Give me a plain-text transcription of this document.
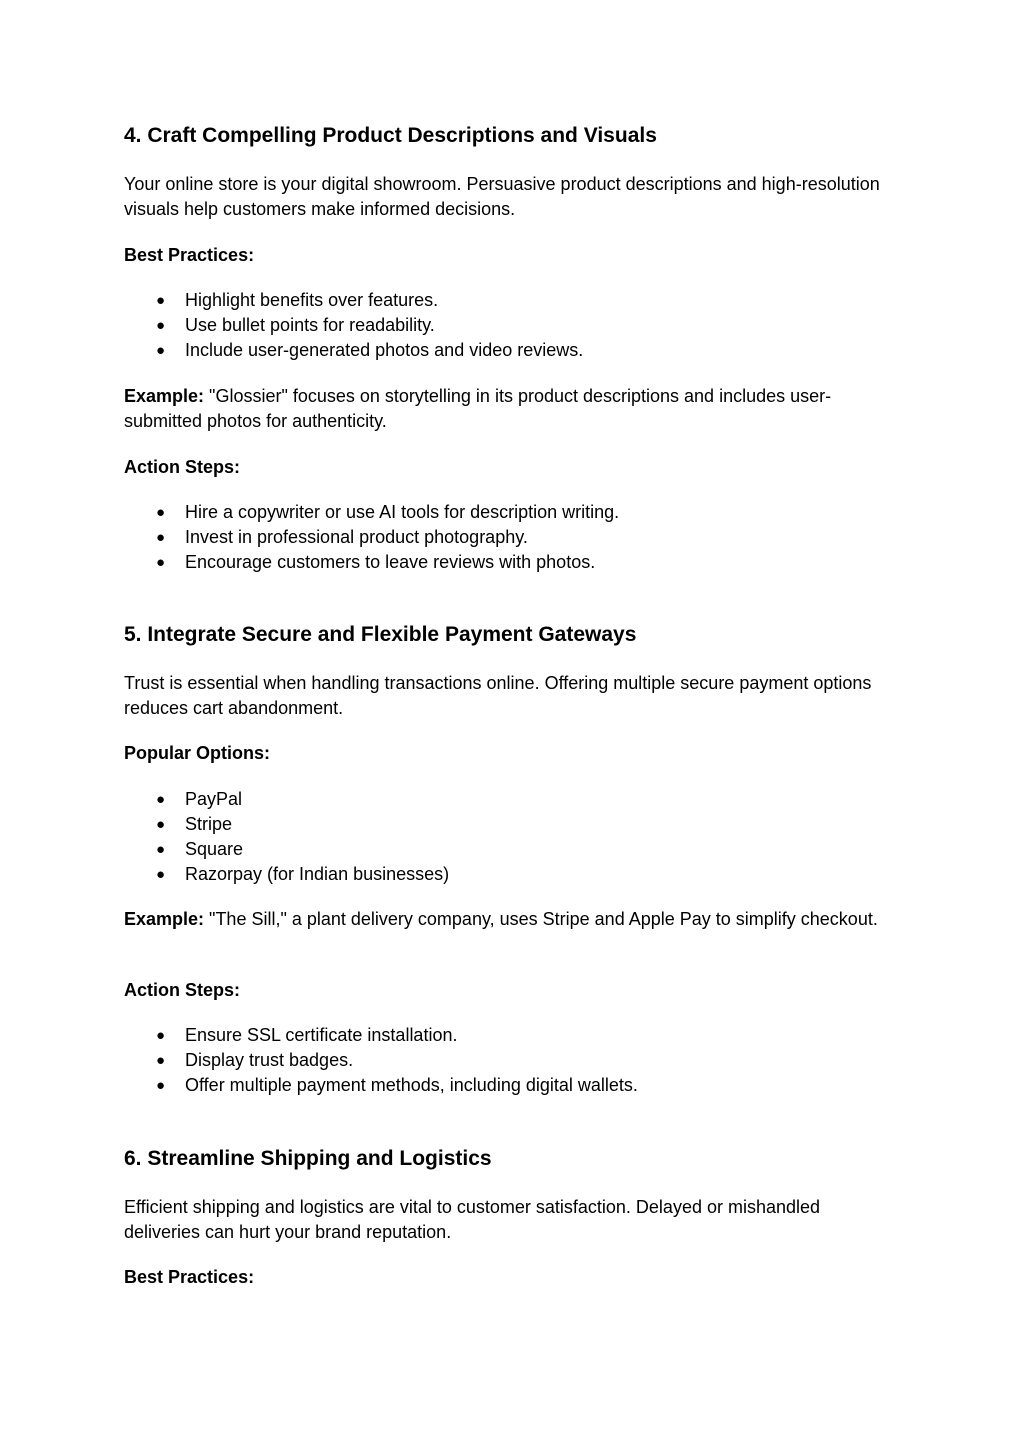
4. Craft Compelling Product Descriptions and Visuals

Your online store is your digital showroom. Persuasive product descriptions and high-resolution visuals help customers make informed decisions.

Best Practices:

● Highlight benefits over features.
● Use bullet points for readability.
● Include user-generated photos and video reviews.

Example: "Glossier" focuses on storytelling in its product descriptions and includes user-submitted photos for authenticity.

Action Steps:

● Hire a copywriter or use AI tools for description writing.
● Invest in professional product photography.
● Encourage customers to leave reviews with photos.
5. Integrate Secure and Flexible Payment Gateways

Trust is essential when handling transactions online. Offering multiple secure payment options reduces cart abandonment.

Popular Options:

● PayPal
● Stripe
● Square
● Razorpay (for Indian businesses)

Example: "The Sill," a plant delivery company, uses Stripe and Apple Pay to simplify checkout.

Action Steps:

● Ensure SSL certificate installation.
● Display trust badges.
● Offer multiple payment methods, including digital wallets.
6. Streamline Shipping and Logistics

Efficient shipping and logistics are vital to customer satisfaction. Delayed or mishandled deliveries can hurt your brand reputation.

Best Practices:
